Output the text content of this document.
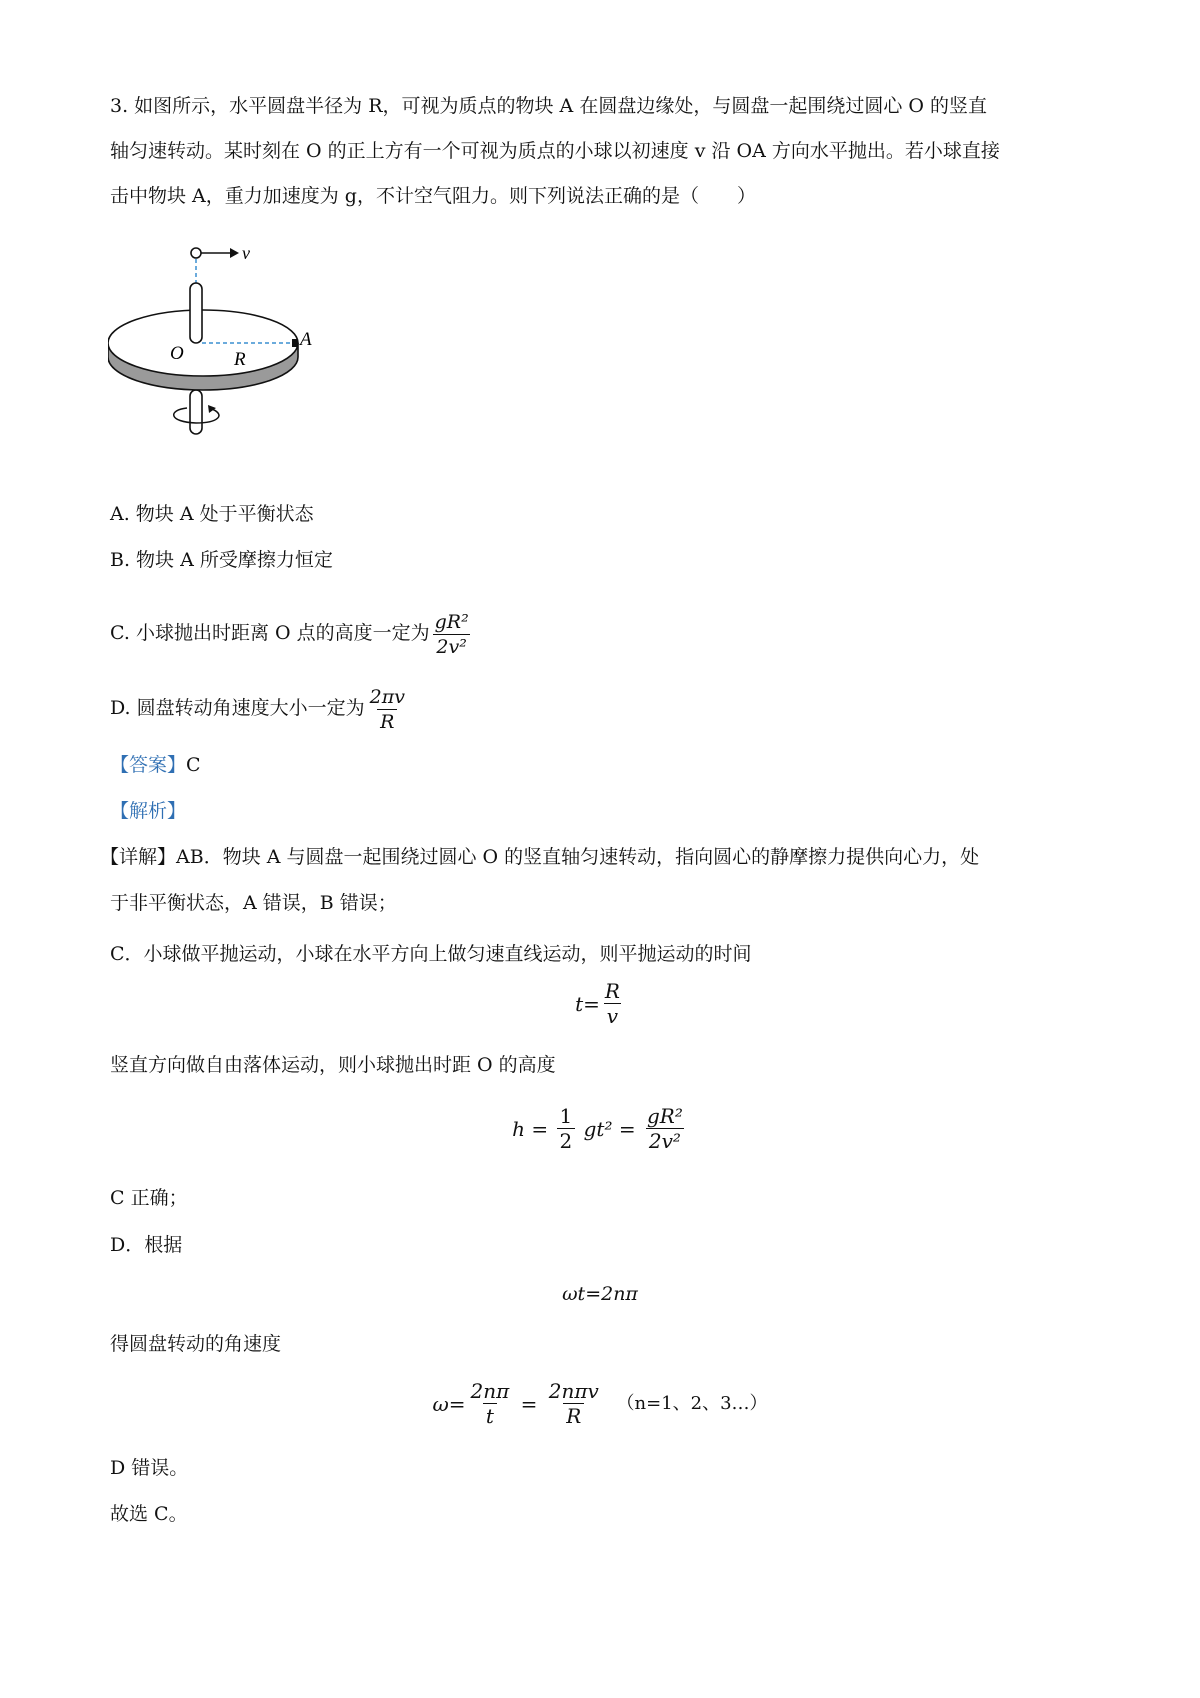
3. 如图所示，水平圆盘半径为 R，可视为质点的物块 A 在圆盘边缘处，与圆盘一起围绕过圆心 O 的竖直
轴匀速转动。某时刻在 O 的正上方有一个可视为质点的小球以初速度 v 沿 OA 方向水平抛出。若小球直接
击中物块 A，重力加速度为 g，不计空气阻力。则下列说法正确的是（　　）
v
O	R
A
A. 物块 A 处于平衡状态
B. 物块 A 所受摩擦力恒定
C. 小球抛出时距离 O 点的高度一定为 $\frac{\text{gR²}}{\text{2v²}}$
D. 圆盘转动角速度大小一定为 $\frac{2\pi v}{R}$
【答案】C
【解析】
【详解】AB．物块 A 与圆盘一起围绕过圆心 O 的竖直轴匀速转动，指向圆心的静摩擦力提供向心力，处
于非平衡状态，A 错误，B 错误；
C．小球做平抛运动，小球在水平方向上做匀速直线运动，则平抛运动的时间
$t= \frac{R}{v}$
竖直方向做自由落体运动，则小球抛出时距 O 的高度
h =
$\frac{1}{2}$
gt² =
$\frac{\text{gR²}}{\text{2v²}}$
C 正确；
D．根据
ωt=2nπ
得圆盘转动的角速度
$\omega= \frac{2n\pi}{t}$
=
$\frac{\text{2nπv}}{R}$
（n=1、2、3…）
D 错误。
故选 C。
